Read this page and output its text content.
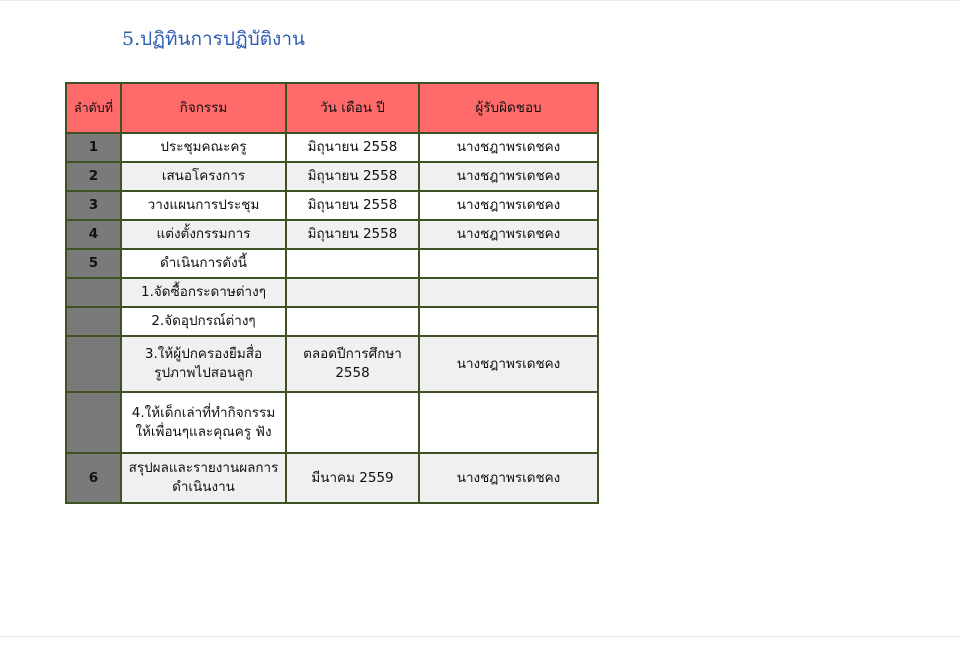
5.ปฏิทินการปฏิบัติงาน
ลำดับที่	กิจกรรม	วัน เดือน ปี	ผู้รับผิดชอบ
1	ประชุมคณะครู	มิถุนายน 2558	นางชฎาพรเดชคง
2	เสนอโครงการ	มิถุนายน 2558	นางชฎาพรเดชคง
3	วางแผนการประชุม	มิถุนายน 2558	นางชฎาพรเดชคง
4	แต่งตั้งกรรมการ	มิถุนายน 2558	นางชฎาพรเดชคง
5	ดำเนินการดังนี้		
	1.จัดซื้อกระดาษต่างๆ		
	2.จัดอุปกรณ์ต่างๆ		
	3.ให้ผู้ปกครองยืมสื่อรูปภาพไปสอนลูก	ตลอดปีการศึกษา 2558	นางชฎาพรเดชคง
	4.ให้เด็กเล่าที่ทำกิจกรรมให้เพื่อนๆและคุณครู ฟัง		
6	สรุปผลและรายงานผลการดำเนินงาน	มีนาคม 2559	นางชฎาพรเดชคง
